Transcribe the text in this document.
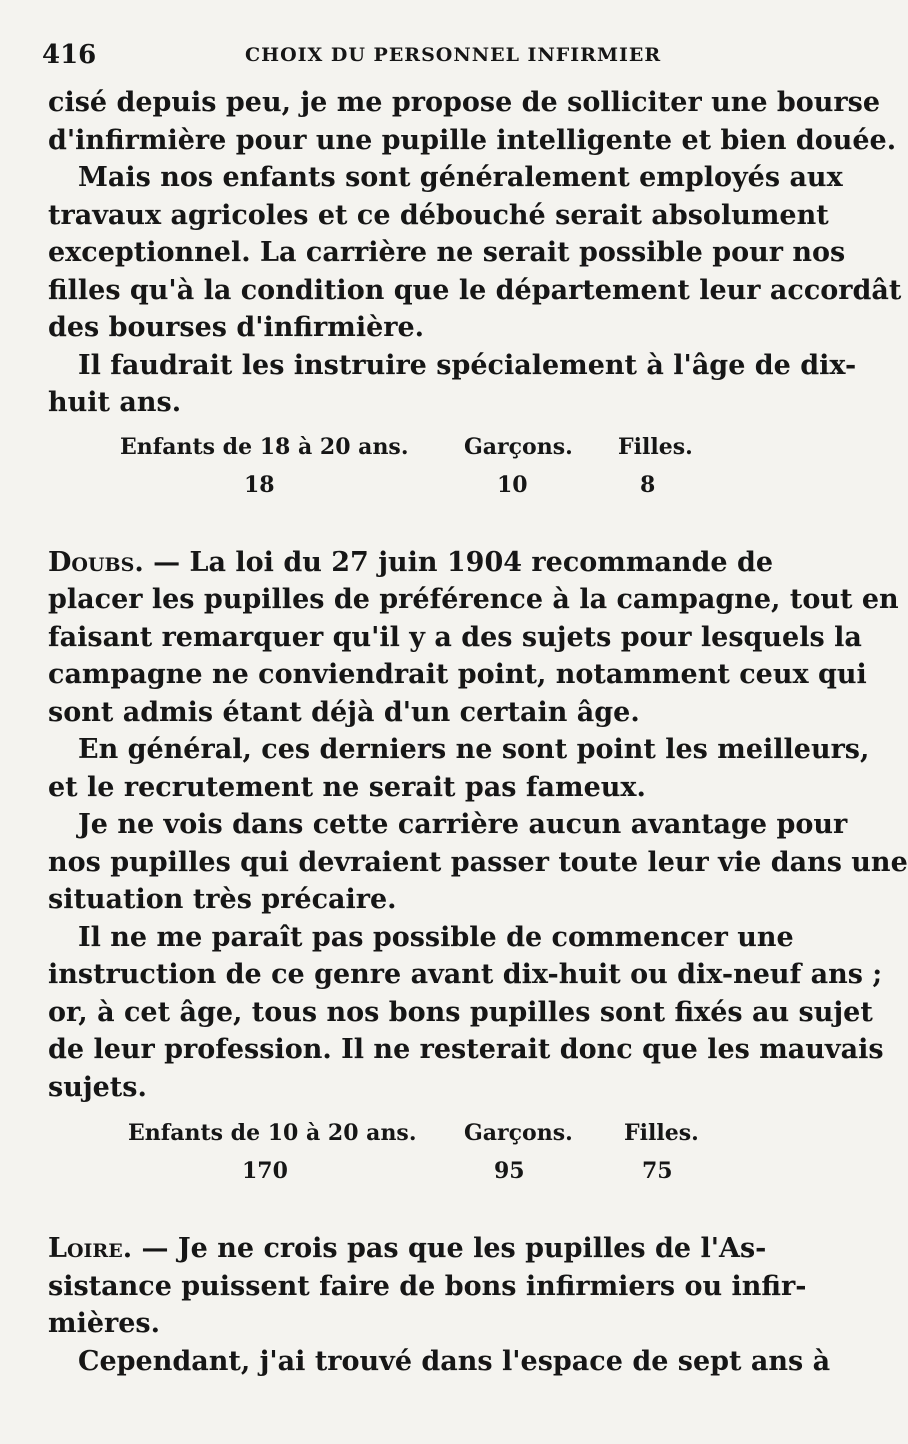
416	CHOIX DU PERSONNEL INFIRMIER
cisé depuis peu, je me propose de solliciter une bourse
d'infirmière pour une pupille intelligente et bien douée.
Mais nos enfants sont généralement employés aux
travaux agricoles et ce débouché serait absolument
exceptionnel. La carrière ne serait possible pour nos
filles qu'à la condition que le département leur accordât
des bourses d'infirmière.
Il faudrait les instruire spécialement à l'âge de dix-
huit ans.
Enfants de 18 à 20 ans.	Garçons. Filles.
18	10	8
Doubs. — La loi du 27 juin 1904 recommande de
placer les pupilles de préférence à la campagne, tout en
faisant remarquer qu'il y a des sujets pour lesquels la
campagne ne conviendrait point, notamment ceux qui
sont admis étant déjà d'un certain âge.
En général, ces derniers ne sont point les meilleurs,
et le recrutement ne serait pas fameux.
Je ne vois dans cette carrière aucun avantage pour
nos pupilles qui devraient passer toute leur vie dans une
situation très précaire.
Il ne me paraît pas possible de commencer une
instruction de ce genre avant dix-huit ou dix-neuf ans ;
or, à cet âge, tous nos bons pupilles sont fixés au sujet
de leur profession. Il ne resterait donc que les mauvais
sujets.
Enfants de 10 à 20 ans. Garçons. Filles.
170	95	75
Loire. — Je ne crois pas que les pupilles de l'As-
sistance puissent faire de bons infirmiers ou infir-
mières.
Cependant, j'ai trouvé dans l'espace de sept ans à
